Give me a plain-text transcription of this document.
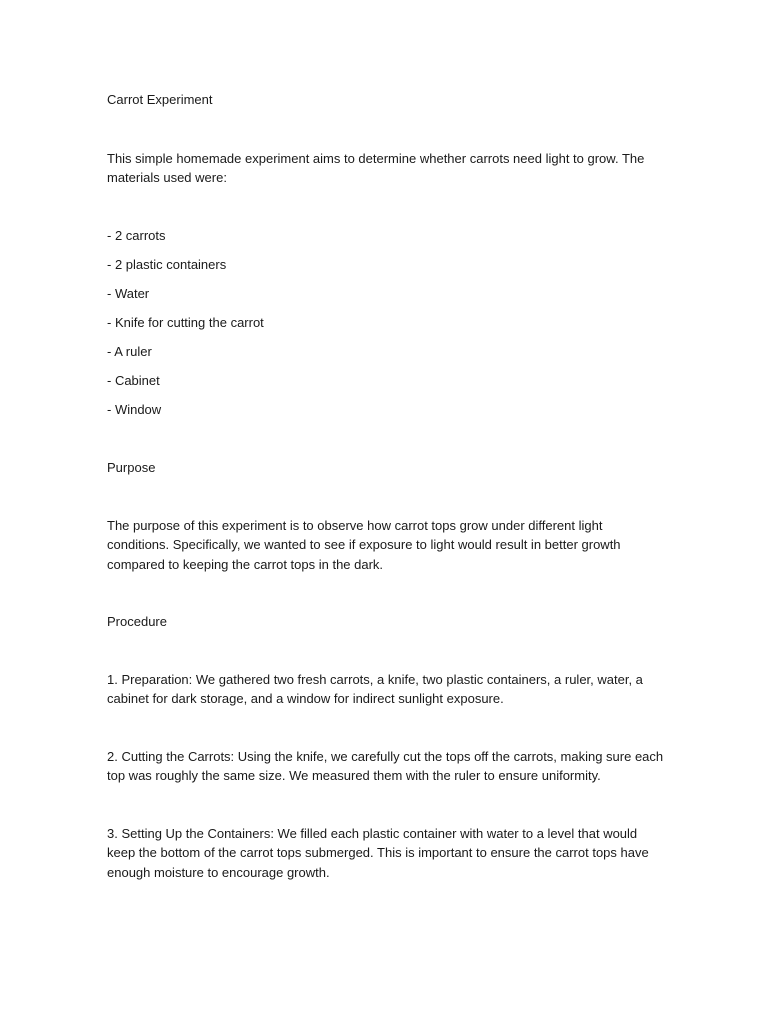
Carrot Experiment

This simple homemade experiment aims to determine whether carrots need light to grow. The materials used were:

- 2 carrots

- 2 plastic containers

- Water

- Knife for cutting the carrot

- A ruler

- Cabinet

- Window

Purpose

The purpose of this experiment is to observe how carrot tops grow under different light conditions. Specifically, we wanted to see if exposure to light would result in better growth compared to keeping the carrot tops in the dark.

Procedure

1. Preparation: We gathered two fresh carrots, a knife, two plastic containers, a ruler, water, a cabinet for dark storage, and a window for indirect sunlight exposure.

2. Cutting the Carrots: Using the knife, we carefully cut the tops off the carrots, making sure each top was roughly the same size. We measured them with the ruler to ensure uniformity.

3. Setting Up the Containers: We filled each plastic container with water to a level that would keep the bottom of the carrot tops submerged. This is important to ensure the carrot tops have enough moisture to encourage growth.
